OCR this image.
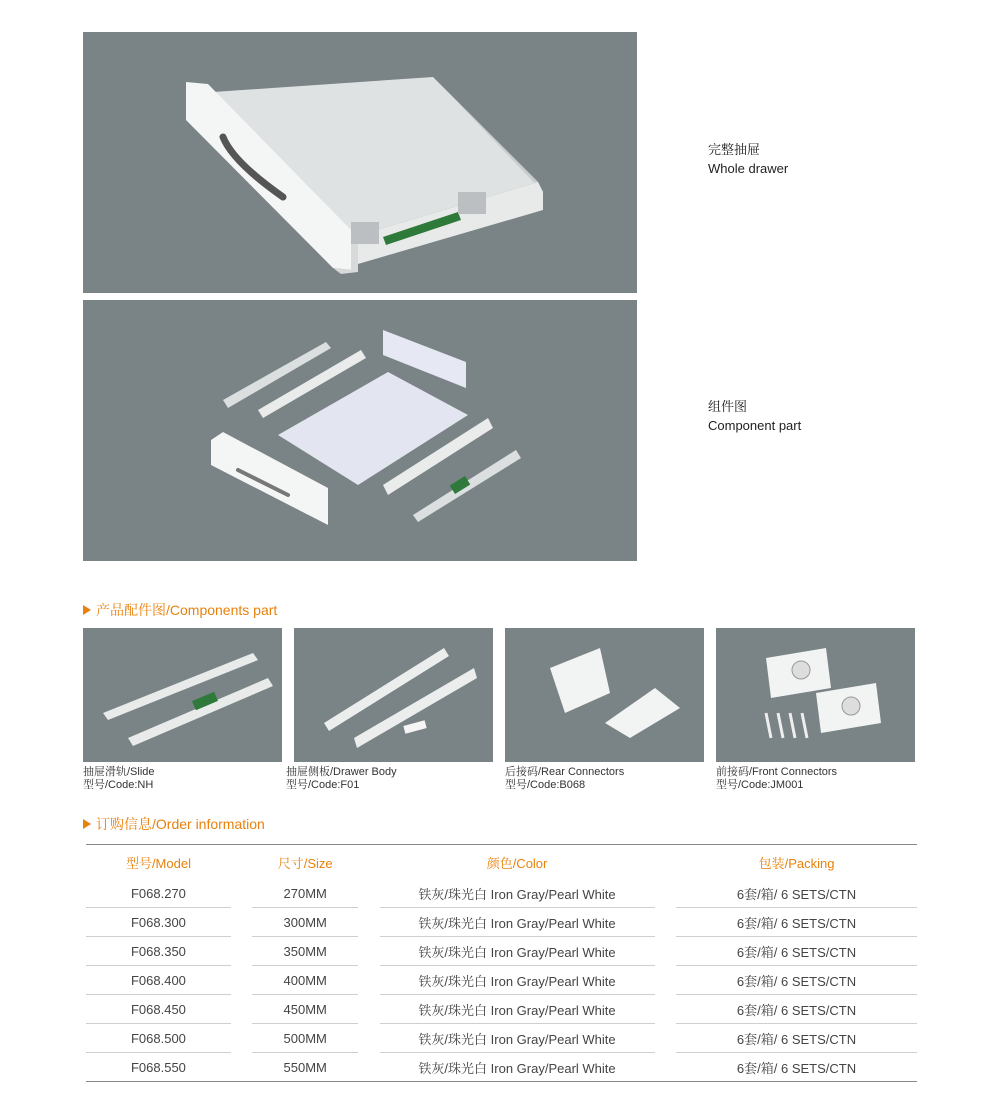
完整抽屉
Whole drawer
组件图
Component part
产品配件图/Components part
抽屉滑轨/Slide
型号/Code:NH
抽屉侧板/Drawer Body
型号/Code:F01
后接码/Rear Connectors
型号/Code:B068
前接码/Front Connectors
型号/Code:JM001
订购信息/Order information
型号/Model		尺寸/Size		颜色/Color		包装/Packing
F068.270		270MM		铁灰/珠光白 Iron Gray/Pearl White		6套/箱/ 6 SETS/CTN
F068.300		300MM		铁灰/珠光白 Iron Gray/Pearl White		6套/箱/ 6 SETS/CTN
F068.350		350MM		铁灰/珠光白 Iron Gray/Pearl White		6套/箱/ 6 SETS/CTN
F068.400		400MM		铁灰/珠光白 Iron Gray/Pearl White		6套/箱/ 6 SETS/CTN
F068.450		450MM		铁灰/珠光白 Iron Gray/Pearl White		6套/箱/ 6 SETS/CTN
F068.500		500MM		铁灰/珠光白 Iron Gray/Pearl White		6套/箱/ 6 SETS/CTN
F068.550		550MM		铁灰/珠光白 Iron Gray/Pearl White		6套/箱/ 6 SETS/CTN
